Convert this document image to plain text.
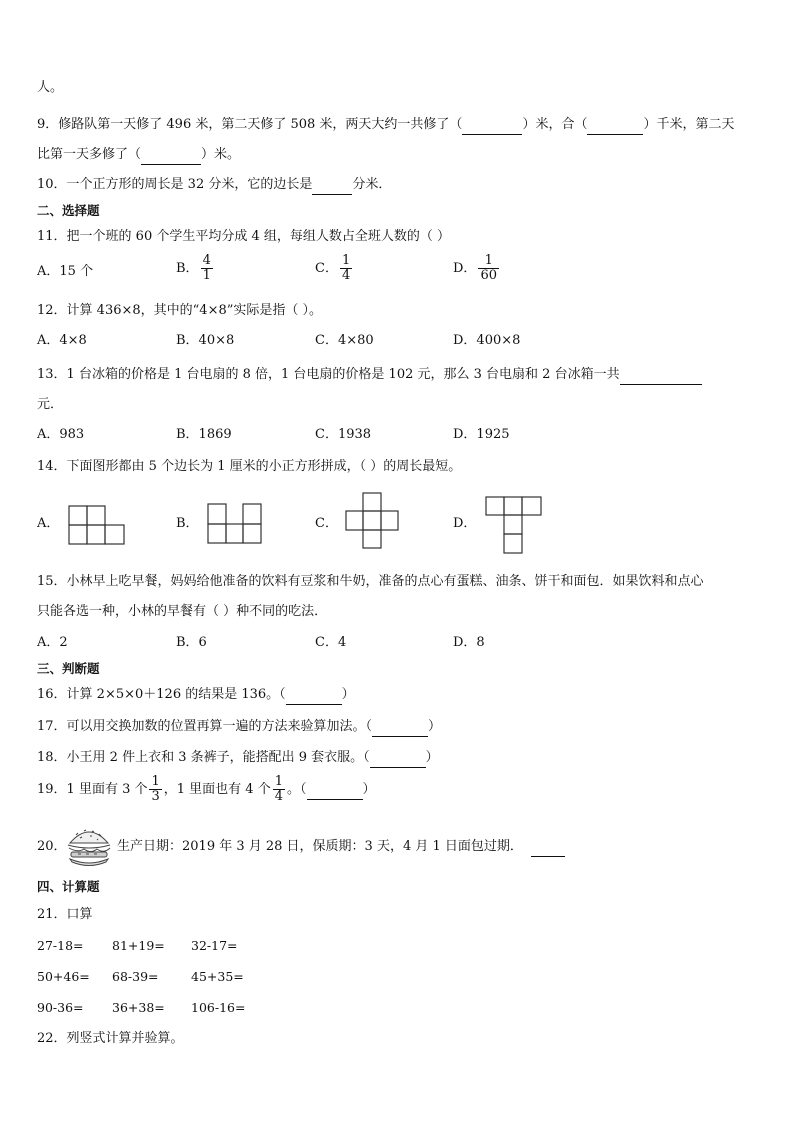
人。
9．修路队第一天修了 496 米，第二天修了 508 米，两天大约一共修了（	）米，合（	）千米，第二天
比第一天多修了（	）米。
10．一个正方形的周长是 32 分米，它的边长是	分米．
二、选择题
11．把一个班的 60 个学生平均分成 4 组，每组人数占全班人数的（ ）
A．15 个	B． $\frac{4}{1}$	C． $\frac{1}{4}$	D． $\frac{1}{60}$
12．计算 436×8，其中的“4×8”实际是指（ ）。
A．4×8	B．40×8	C．4×80	D．400×8
13．1 台冰箱的价格是 1 台电扇的 8 倍，1 台电扇的价格是 102 元，那么 3 台电扇和 2 台冰箱一共
元．
A．983	B．1869	C．1938	D．1925
14．下面图形都由 5 个边长为 1 厘米的小正方形拼成，（ ）的周长最短。
A．	B．	C．	D．
15．小林早上吃早餐，妈妈给他准备的饮料有豆浆和牛奶，准备的点心有蛋糕、油条、饼干和面包．如果饮料和点心
只能各选一种，小林的早餐有（ ）种不同的吃法．
A．2	B．6	C．4	D．8
三、判断题
16．计算 2×5×0＋126 的结果是 136。（	）
17．可以用交换加数的位置再算一遍的方法来验算加法。（	）
18．小王用 2 件上衣和 3 条裤子，能搭配出 9 套衣服。（	）
19．1 里面有 3 个 $\frac{1}{3}$ ，1 里面也有 4 个 $\frac{1}{4}$ 。（	）
20．	生产日期：2019 年 3 月 28 日，保质期：3 天，4 月 1 日面包过期．
四、计算题
21．口算
27-18= 81+19= 32-17=
50+46= 68-39=	45+35=
90-36= 36+38= 106-16=
22．列竖式计算并验算。
